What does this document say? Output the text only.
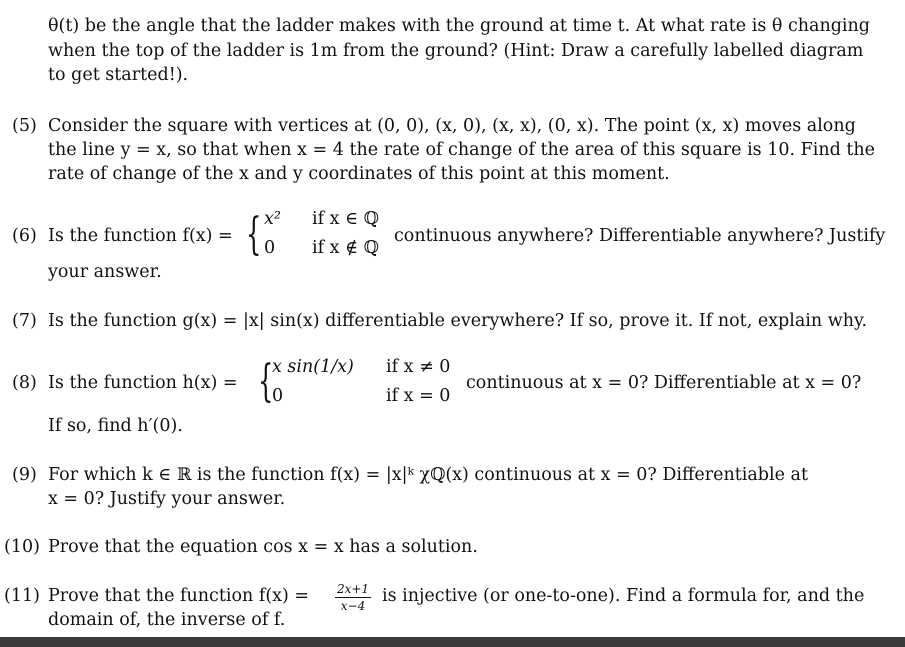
θ(t) be the angle that the ladder makes with the ground at time t. At what rate is θ changing
when the top of the ladder is 1m from the ground? (Hint: Draw a carefully labelled diagram
to get started!).
(5) Consider the square with vertices at (0, 0), (x, 0), (x, x), (0, x). The point (x, x) moves along
the line y = x, so that when x = 4 the rate of change of the area of this square is 10. Find the
rate of change of the x and y coordinates of this point at this moment.
(6) Is the function f(x) = { x² if x ∈ ℚ
0 if x ∉ ℚ
continuous anywhere? Differentiable anywhere? Justify
your answer.
(7) Is the function g(x) = |x| sin(x) differentiable everywhere? If so, prove it. If not, explain why.
(8) Is the function h(x) = {
x sin(1/x) if x ≠ 0
0	if x = 0
continuous at x = 0? Differentiable at x = 0?
If so, find h′(0).
(9) For which k ∈ ℝ is the function f(x) = |x|ᵏ χℚ(x) continuous at x = 0? Differentiable at
x = 0? Justify your answer.
(10) Prove that the equation cos x = x has a solution.
(11) Prove that the function f(x) =	2x+1
x−4 is injective (or one-to-one). Find a formula for, and the
domain of, the inverse of f.
